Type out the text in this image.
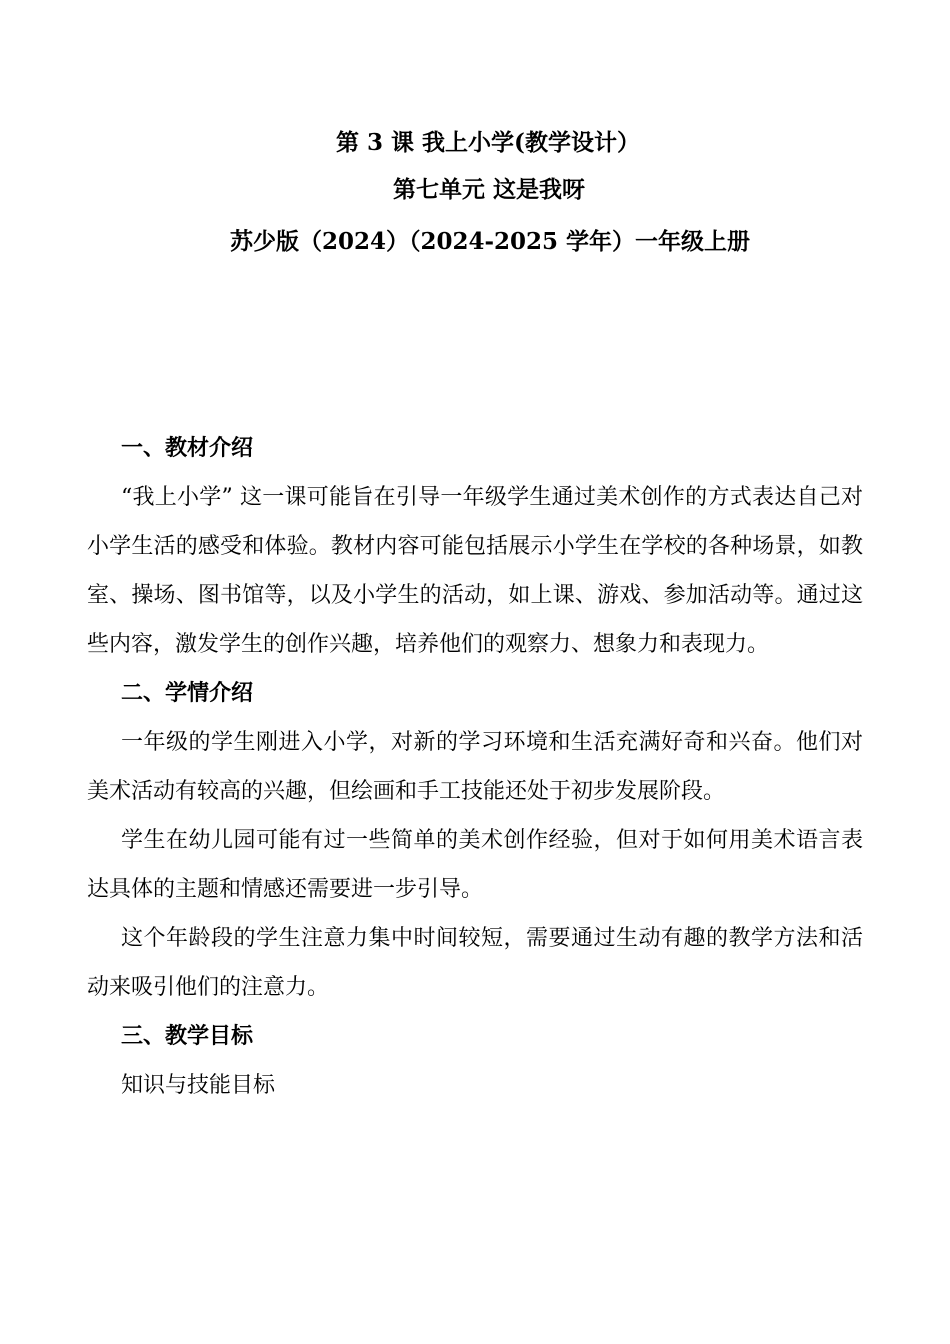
第 3 课 我上小学(教学设计）
第七单元 这是我呀
苏少版（2024）（2024-2025 学年）一年级上册
一、教材介绍

“我上小学” 这一课可能旨在引导一年级学生通过美术创作的方式表达自己对小学生活的感受和体验。教材内容可能包括展示小学生在学校的各种场景，如教室、操场、图书馆等，以及小学生的活动，如上课、游戏、参加活动等。通过这些内容，激发学生的创作兴趣，培养他们的观察力、想象力和表现力。

二、学情介绍

一年级的学生刚进入小学，对新的学习环境和生活充满好奇和兴奋。他们对美术活动有较高的兴趣，但绘画和手工技能还处于初步发展阶段。

学生在幼儿园可能有过一些简单的美术创作经验，但对于如何用美术语言表达具体的主题和情感还需要进一步引导。

这个年龄段的学生注意力集中时间较短，需要通过生动有趣的教学方法和活动来吸引他们的注意力。

三、教学目标
知识与技能目标
